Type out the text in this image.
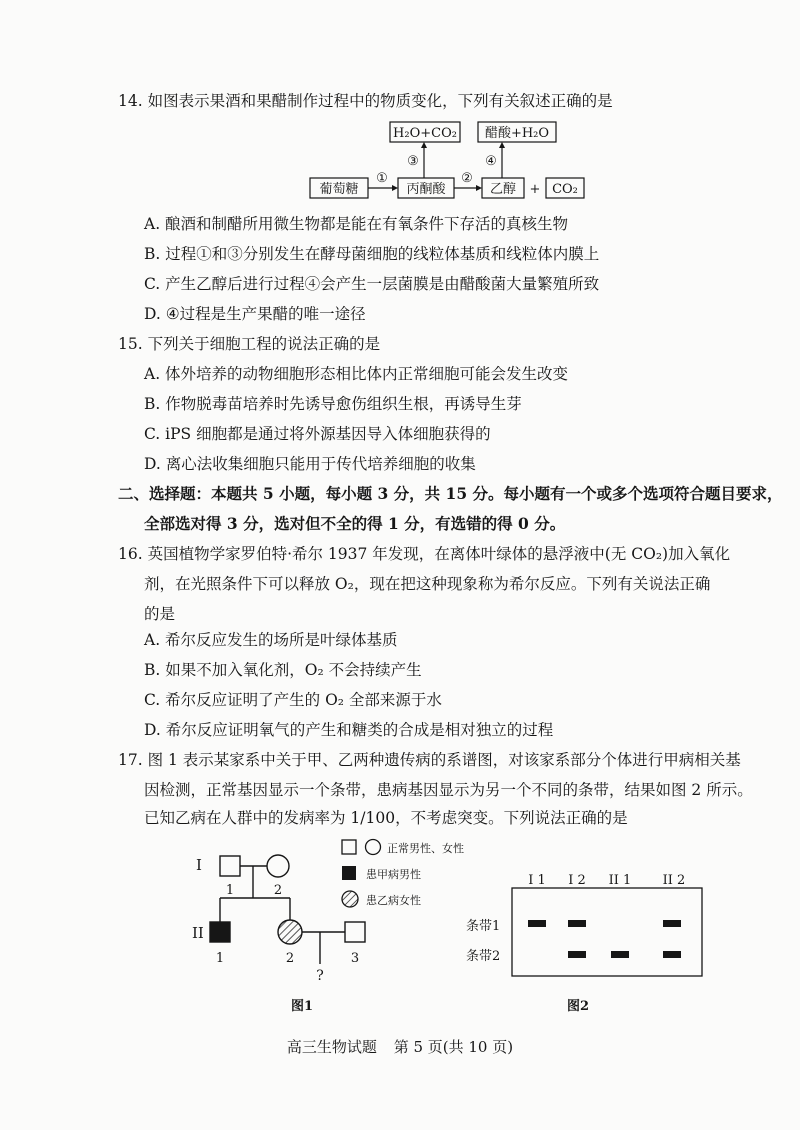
14. 如图表示果酒和果醋制作过程中的物质变化，下列有关叙述正确的是
H₂O+CO₂ 醋酸+H₂O
葡萄糖	丙酮酸	乙醇 + CO₂
①	②
③	④
A. 酿酒和制醋所用微生物都是能在有氧条件下存活的真核生物
B. 过程①和③分别发生在酵母菌细胞的线粒体基质和线粒体内膜上
C. 产生乙醇后进行过程④会产生一层菌膜是由醋酸菌大量繁殖所致
D. ④过程是生产果醋的唯一途径
15. 下列关于细胞工程的说法正确的是
A. 体外培养的动物细胞形态相比体内正常细胞可能会发生改变
B. 作物脱毒苗培养时先诱导愈伤组织生根，再诱导生芽
C. iPS 细胞都是通过将外源基因导入体细胞获得的
D. 离心法收集细胞只能用于传代培养细胞的收集
二、选择题：本题共 5 小题，每小题 3 分，共 15 分。每小题有一个或多个选项符合题目要求，
全部选对得 3 分，选对但不全的得 1 分，有选错的得 0 分。
16. 英国植物学家罗伯特·希尔 1937 年发现，在离体叶绿体的悬浮液中(无 CO₂)加入氧化
剂，在光照条件下可以释放 O₂，现在把这种现象称为希尔反应。下列有关说法正确
的是
A. 希尔反应发生的场所是叶绿体基质
B. 如果不加入氧化剂，O₂ 不会持续产生
C. 希尔反应证明了产生的 O₂ 全部来源于水
D. 希尔反应证明氧气的产生和糖类的合成是相对独立的过程
17. 图 1 表示某家系中关于甲、乙两种遗传病的系谱图，对该家系部分个体进行甲病相关基
因检测，正常基因显示一个条带，患病基因显示为另一个不同的条带，结果如图 2 所示。
已知乙病在人群中的发病率为 1/100，不考虑突变。下列说法正确的是
I
II
1	2
1	2	3
?
正常男性、女性
患甲病男性
患乙病女性
图1
I 1 I 2 II 1 II 2
条带1
条带2
图2
高三生物试题 第 5 页(共 10 页)
